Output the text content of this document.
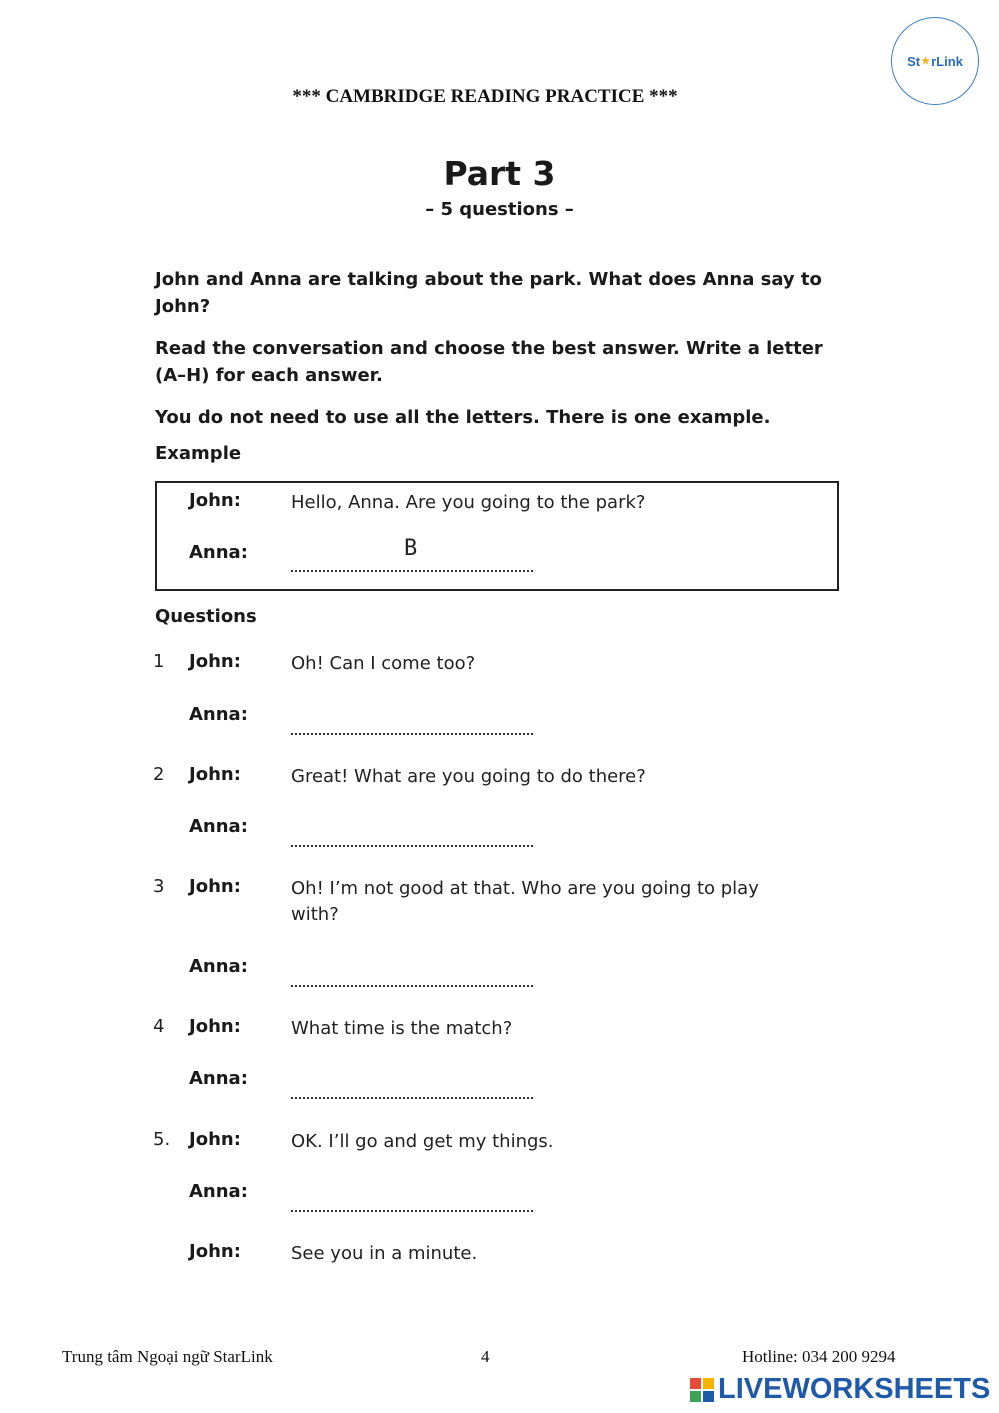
*** CAMBRIDGE READING PRACTICE ***
St ★ rLink
Part 3
– 5 questions –
John and Anna are talking about the park. What does Anna say to John?
Read the conversation and choose the best answer. Write a letter (A–H) for each answer.
You do not need to use all the letters. There is one example.
Example
John:	Hello, Anna. Are you going to the park?
Anna:	B
Questions
1 John:	Oh! Can I come too?
Anna:
2 John:	Great! What are you going to do there?
Anna:
3 John:	Oh! I’m not good at that. Who are you going to play with?
Anna:
4 John:	What time is the match?
Anna:
5. John:	OK. I’ll go and get my things.
Anna:
John:	See you in a minute.
Trung tâm Ngoại ngữ StarLink	4	Hotline: 034 200 9294
LIVEWORKSHEETS
